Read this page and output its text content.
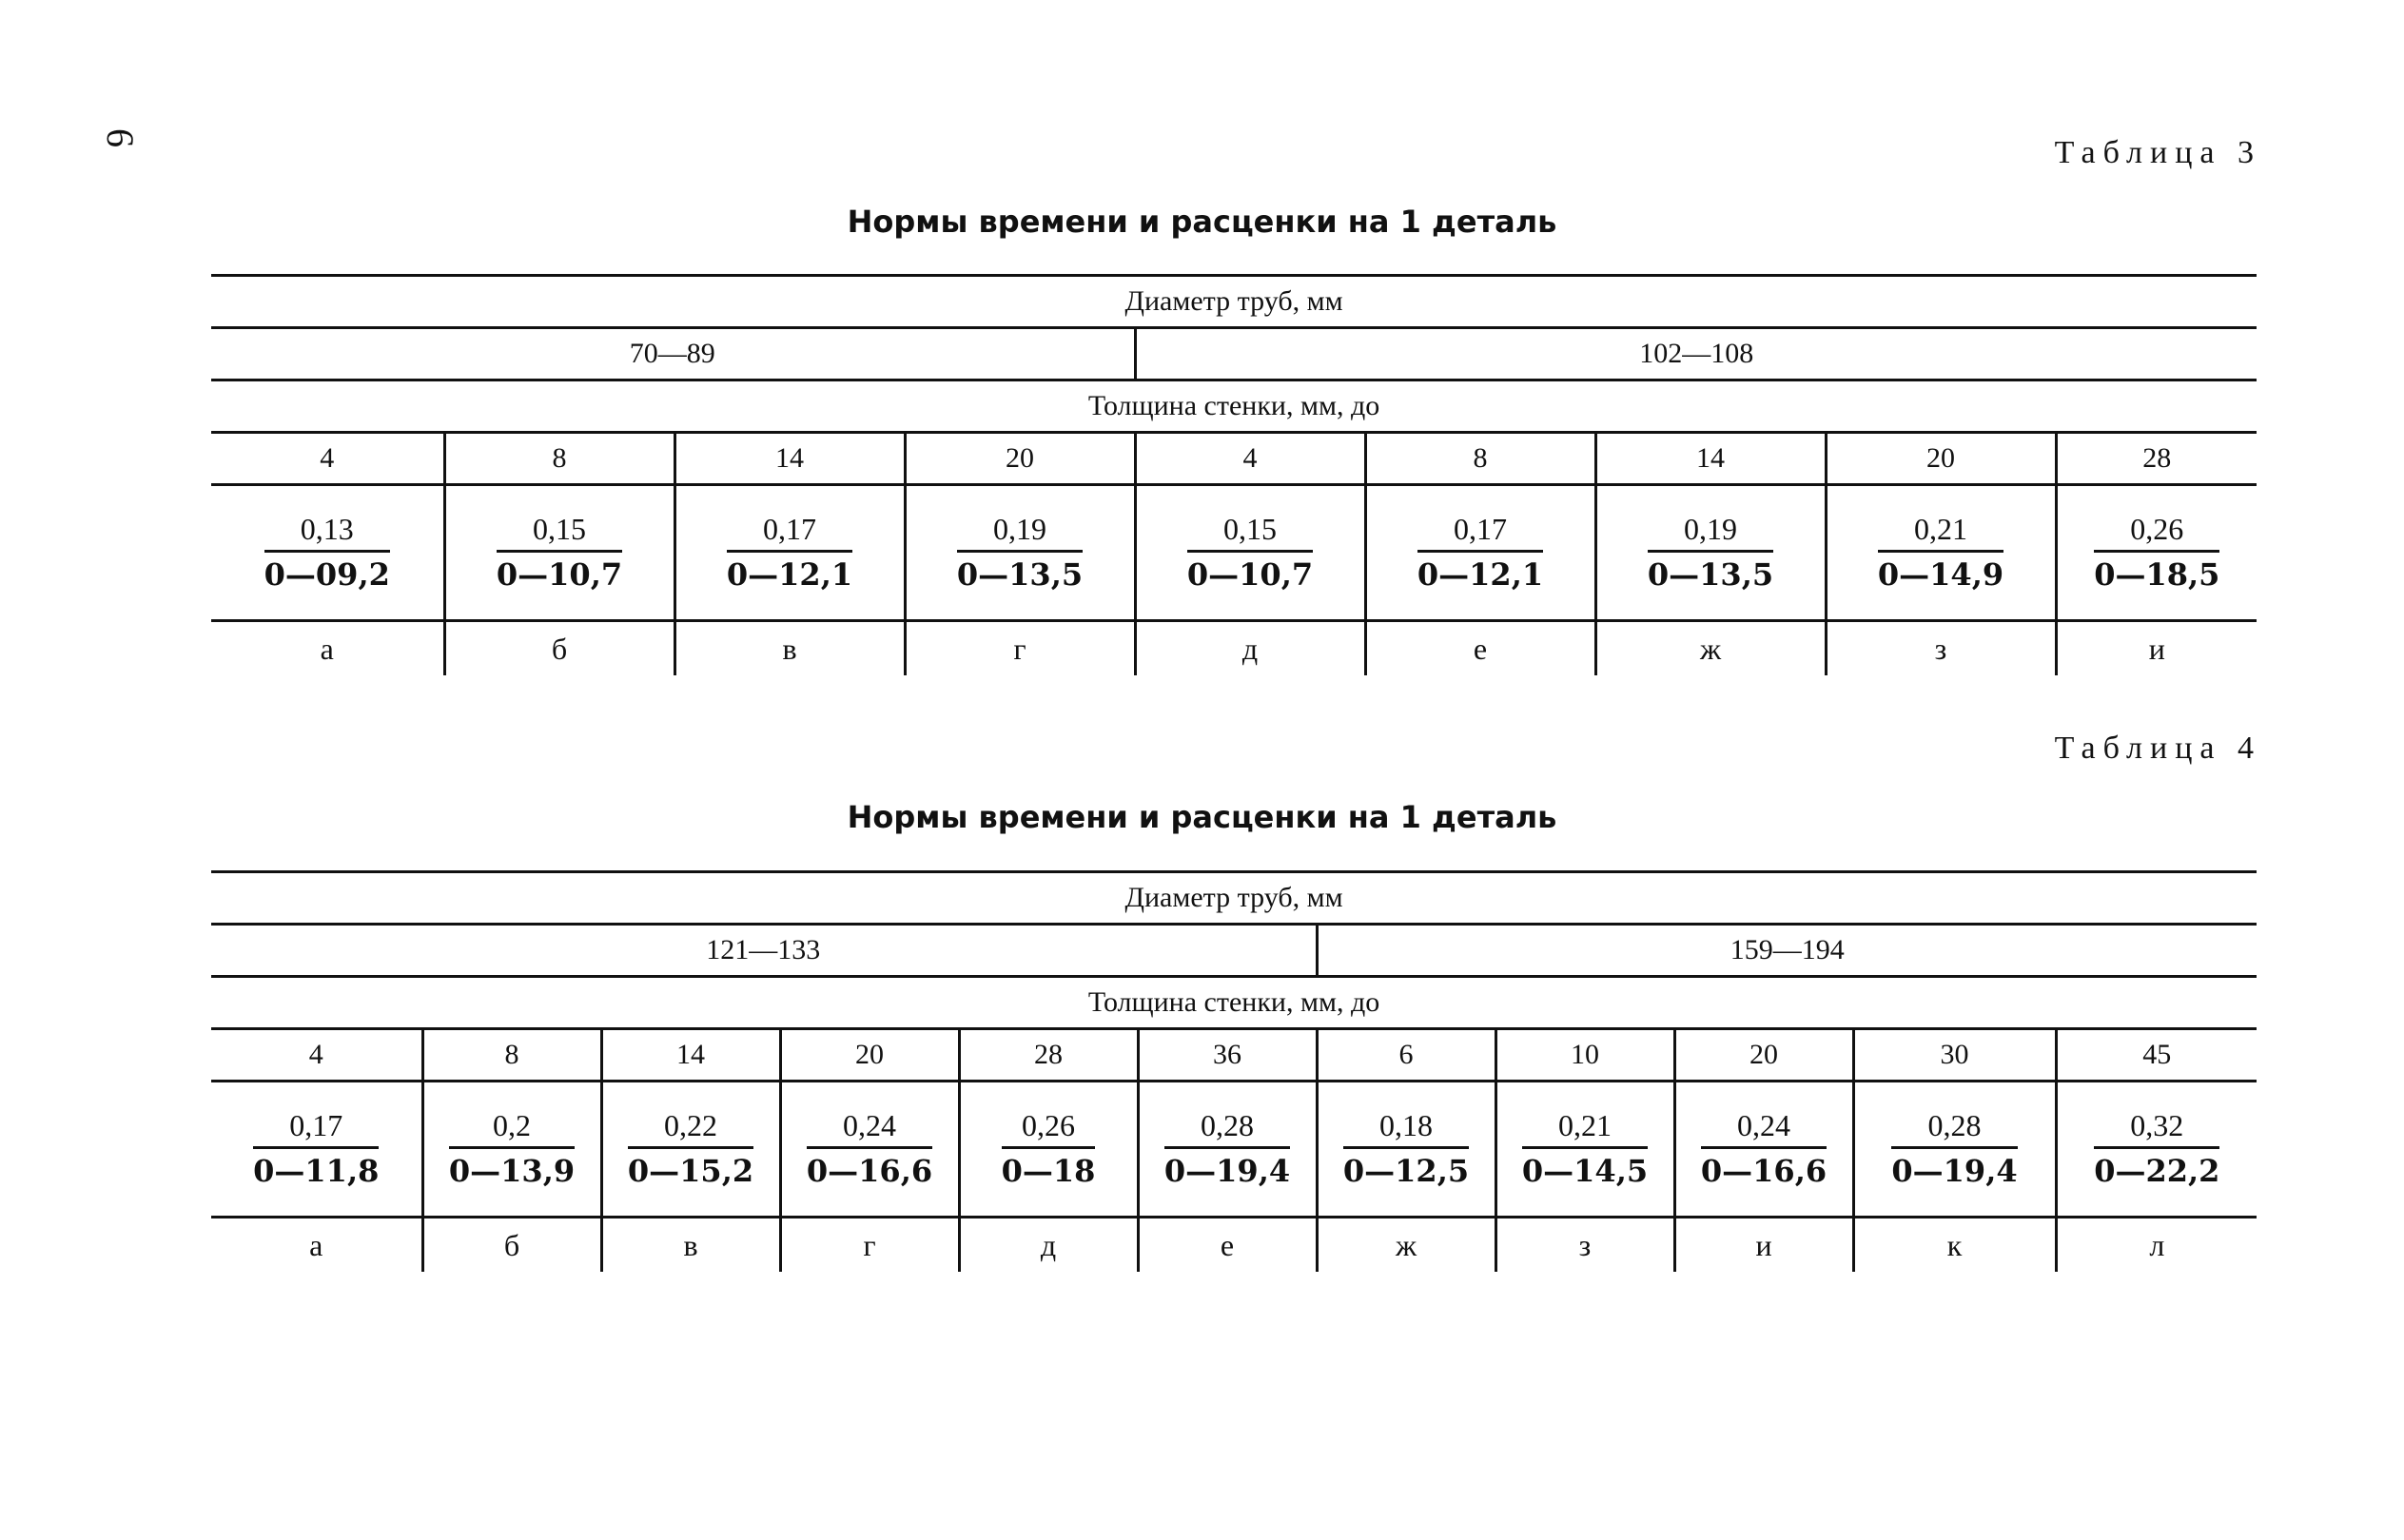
6	Таблица 3
Нормы времени и расценки на 1 деталь
Диаметр труб, мм								
70—89				102—108				
Толщина стенки, мм, до								
4	8	14	20	4	8	14	20	28

$\frac{0,13}{0—09,2}$	$\frac{0,15}{0—10,7}$	$\frac{0,17}{0—12,1}$	$\frac{0,19}{0—13,5}$	$\frac{0,15}{0—10,7}$	$\frac{0,17}{0—12,1}$	$\frac{0,19}{0—13,5}$	$\frac{0,21}{0—14,9}$	$\frac{0,26}{0—18,5}$

а	б	в	г	д	е	ж	з	и
Таблица 4
Нормы времени и расценки на 1 деталь
Диаметр труб, мм										
121—133						159—194				
Толщина стенки, мм, до										
4	8	14	20	28	36	6	10	20	30	45

$\frac{0,17}{0—11,8}$	$\frac{0,2}{0—13,9}$	$\frac{0,22}{0—15,2}$	$\frac{0,24}{0—16,6}$	$\frac{0,26}{0—18}$	$\frac{0,28}{0—19,4}$	$\frac{0,18}{0—12,5}$	$\frac{0,21}{0—14,5}$	$\frac{0,24}{0—16,6}$	$\frac{0,28}{0—19,4}$	$\frac{0,32}{0—22,2}$

а	б	в	г	д	е	ж	з	и	к	л
